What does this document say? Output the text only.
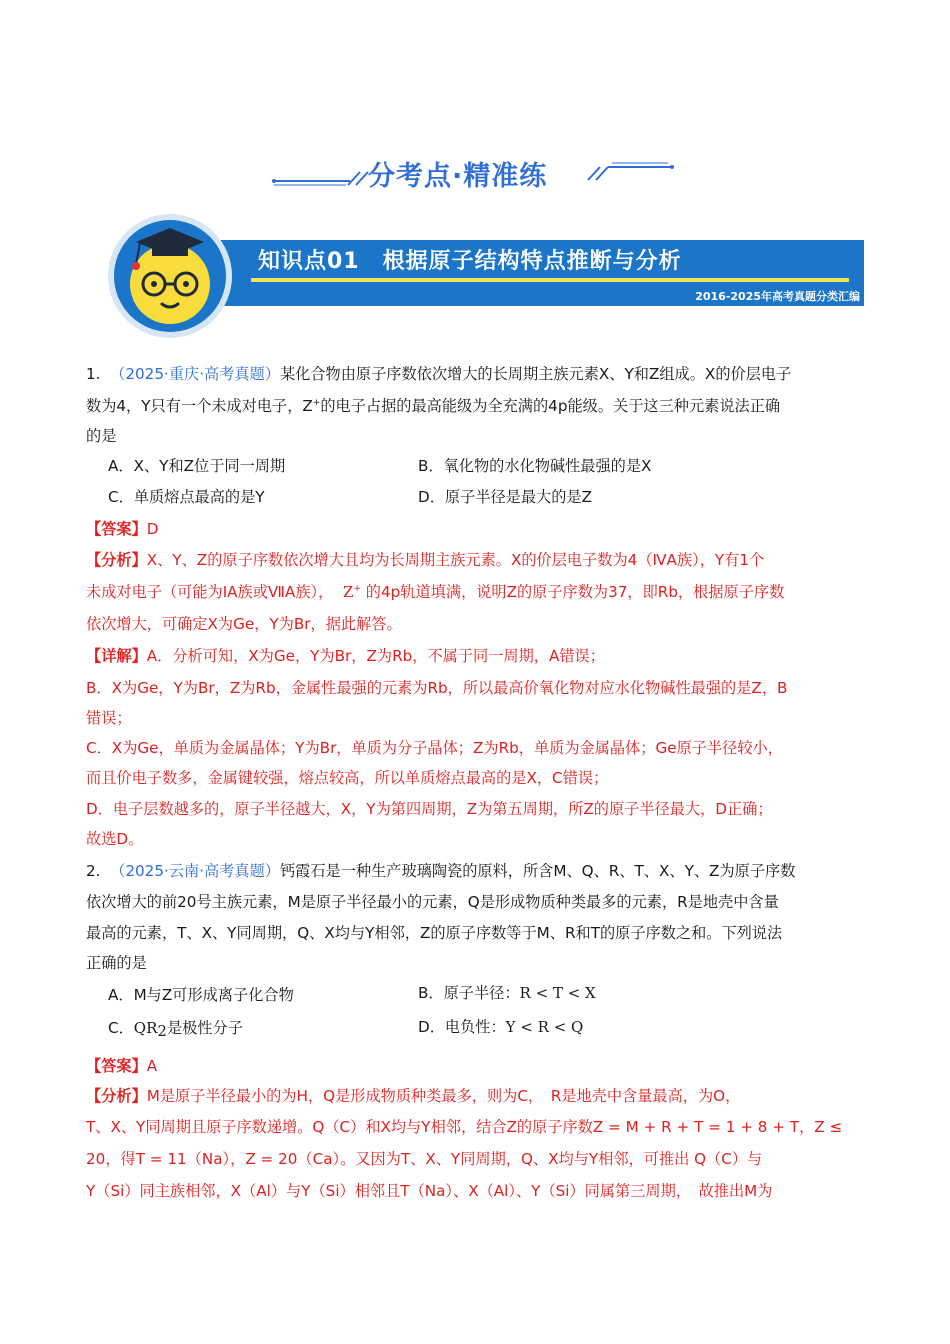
分考点·精准练
知识点01　根据原子结构特点推断与分析
2016-2025年高考真题分类汇编
1. （2025·重庆·高考真题）某化合物由原子序数依次增大的长周期主族元素X、Y和Z组成。X的价层电子
数为4，Y只有一个未成对电子，Z+的电子占据的最高能级为全充满的4p能级。关于这三种元素说法正确
的是
A．X、Y和Z位于同一周期	B．氧化物的水化物碱性最强的是X
C．单质熔点最高的是Y	D．原子半径是最大的是Z
【答案】D
【分析】X、Y、Z的原子序数依次增大且均为长周期主族元素。X的价层电子数为4（ⅣA族），Y有1个
未成对电子（可能为IA族或ⅦA族）， Z+ 的4p轨道填满，说明Z的原子序数为37，即Rb，根据原子序数
依次增大，可确定X为Ge，Y为Br，据此解答。
【详解】A．分析可知，X为Ge，Y为Br，Z为Rb，不属于同一周期，A错误；
B．X为Ge，Y为Br，Z为Rb，金属性最强的元素为Rb，所以最高价氧化物对应水化物碱性最强的是Z，B
错误；
C．X为Ge，单质为金属晶体；Y为Br，单质为分子晶体；Z为Rb，单质为金属晶体；Ge原子半径较小，
而且价电子数多，金属键较强，熔点较高，所以单质熔点最高的是X，C错误；
D．电子层数越多的，原子半径越大，X，Y为第四周期，Z为第五周期，所Z的原子半径最大，D正确；
故选D。
2. （2025·云南·高考真题）钙霞石是一种生产玻璃陶瓷的原料，所含M、Q、R、T、X、Y、Z为原子序数
依次增大的前20号主族元素，M是原子半径最小的元素，Q是形成物质种类最多的元素，R是地壳中含量
最高的元素，T、X、Y同周期，Q、X均与Y相邻，Z的原子序数等于M、R和T的原子序数之和。下列说法
正确的是
A．M与Z可形成离子化合物	B．原子半径：R < T < X
C．$QR_2$是极性分子	D．电负性：Y < R < Q
【答案】A
【分析】M是原子半径最小的为H，Q是形成物质种类最多，则为C，　R是地壳中含量最高，为O，
T、X、Y同周期且原子序数递增。Q（C）和X均与Y相邻，结合Z的原子序数Z = M + R + T = 1 + 8 + T，Z ≤
20，得T = 11（Na），Z = 20（Ca）。又因为T、X、Y同周期，Q、X均与Y相邻，可推出 Q（C）与
Y（Si）同主族相邻，X（Al）与Y（Si）相邻且T（Na）、X（Al）、Y（Si）同属第三周期，　故推出M为
